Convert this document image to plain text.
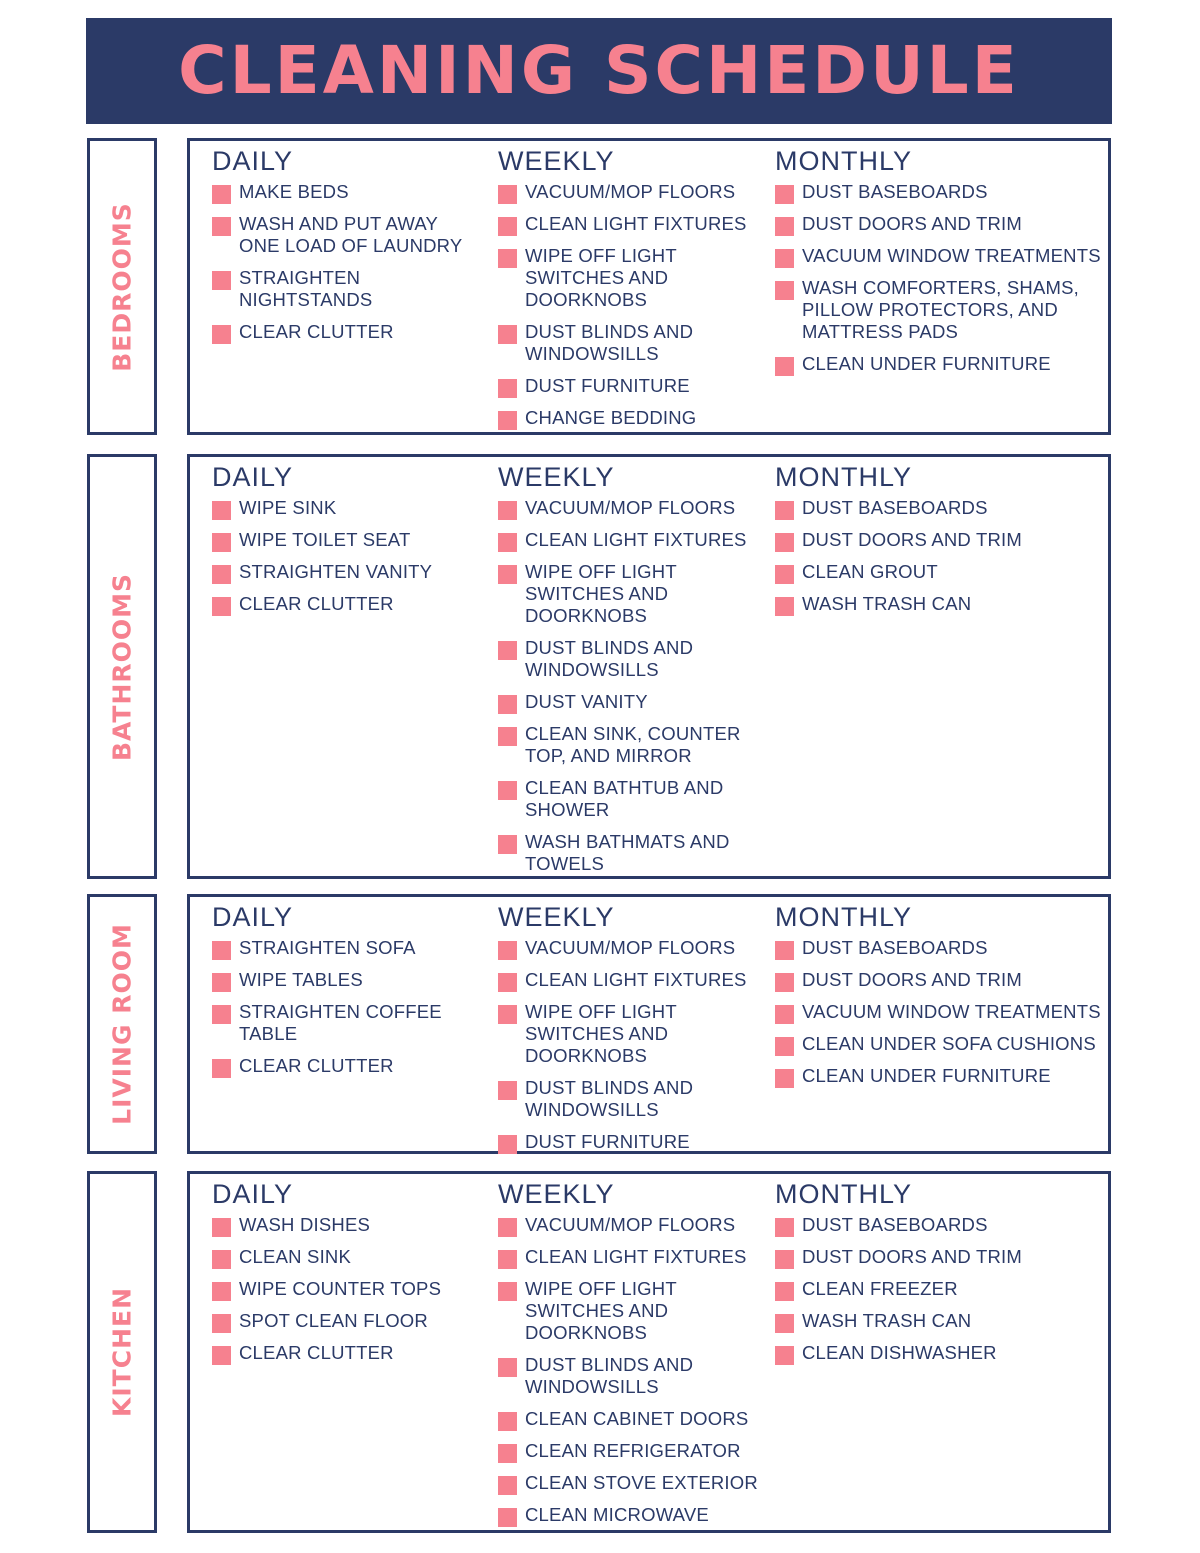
CLEANING SCHEDULE
BEDROOMS
DAILY
MAKE BEDS
WASH AND PUT AWAY ONE LOAD OF LAUNDRY
STRAIGHTEN NIGHTSTANDS
CLEAR CLUTTER
WEEKLY
VACUUM/MOP FLOORS
CLEAN LIGHT FIXTURES
WIPE OFF LIGHT SWITCHES AND DOORKNOBS
DUST BLINDS AND WINDOWSILLS
DUST FURNITURE
CHANGE BEDDING
MONTHLY
DUST BASEBOARDS
DUST DOORS AND TRIM
VACUUM WINDOW TREATMENTS
WASH COMFORTERS, SHAMS, PILLOW PROTECTORS, AND MATTRESS PADS
CLEAN UNDER FURNITURE
BATHROOMS
DAILY
WIPE SINK
WIPE TOILET SEAT
STRAIGHTEN VANITY
CLEAR CLUTTER
WEEKLY
VACUUM/MOP FLOORS
CLEAN LIGHT FIXTURES
WIPE OFF LIGHT SWITCHES AND DOORKNOBS
DUST BLINDS AND WINDOWSILLS
DUST VANITY
CLEAN SINK, COUNTER TOP, AND MIRROR
CLEAN BATHTUB AND SHOWER
WASH BATHMATS AND TOWELS
MONTHLY
DUST BASEBOARDS
DUST DOORS AND TRIM
CLEAN GROUT
WASH TRASH CAN
LIVING ROOM
DAILY
STRAIGHTEN SOFA
WIPE TABLES
STRAIGHTEN COFFEE TABLE
CLEAR CLUTTER
WEEKLY
VACUUM/MOP FLOORS
CLEAN LIGHT FIXTURES
WIPE OFF LIGHT SWITCHES AND DOORKNOBS
DUST BLINDS AND WINDOWSILLS
DUST FURNITURE
MONTHLY
DUST BASEBOARDS
DUST DOORS AND TRIM
VACUUM WINDOW TREATMENTS
CLEAN UNDER SOFA CUSHIONS
CLEAN UNDER FURNITURE
KITCHEN
DAILY
WASH DISHES
CLEAN SINK
WIPE COUNTER TOPS
SPOT CLEAN FLOOR
CLEAR CLUTTER
WEEKLY
VACUUM/MOP FLOORS
CLEAN LIGHT FIXTURES
WIPE OFF LIGHT SWITCHES AND DOORKNOBS
DUST BLINDS AND WINDOWSILLS
CLEAN CABINET DOORS
CLEAN REFRIGERATOR
CLEAN STOVE EXTERIOR
CLEAN MICROWAVE
MONTHLY
DUST BASEBOARDS
DUST DOORS AND TRIM
CLEAN FREEZER
WASH TRASH CAN
CLEAN DISHWASHER
